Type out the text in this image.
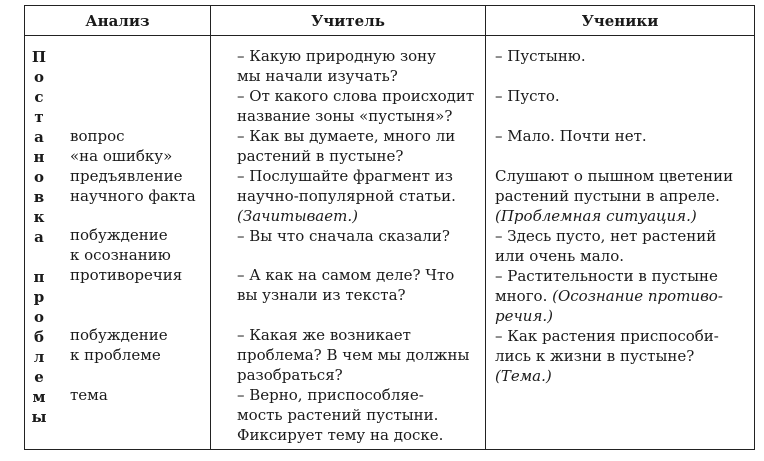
Анализ	Учитель	Ученики
П
о
с
т
а
н
о
в
к
а
п
р
о
б
л
е
м
ы
вопрос
«на ошибку»
предъявление
научного факта
побуждение
к осознанию
противоречия
побуждение
к проблеме
тема
– Какую природную зону
мы начали изучать?
– От какого слова происходит
название зоны «пустыня»?
– Как вы думаете, много ли
растений в пустыне?
– Послушайте фрагмент из
научно-популярной статьи.
(Зачитывает.)
– Вы что сначала сказали?
– А как на самом деле? Что
вы узнали из текста?
– Какая же возникает
проблема? В чем мы должны
разобраться?
– Верно, приспособляе-
мость растений пустыни.
Фиксирует тему на доске.
– Пустыню.
– Пусто.
– Мало. Почти нет.
Слушают о пышном цветении
растений пустыни в апреле.
(Проблемная ситуация.)
– Здесь пусто, нет растений
или очень мало.
– Растительности в пустыне
много. (Осознание противо-
речия.)
– Как растения приспособи-
лись к жизни в пустыне?
(Тема.)
